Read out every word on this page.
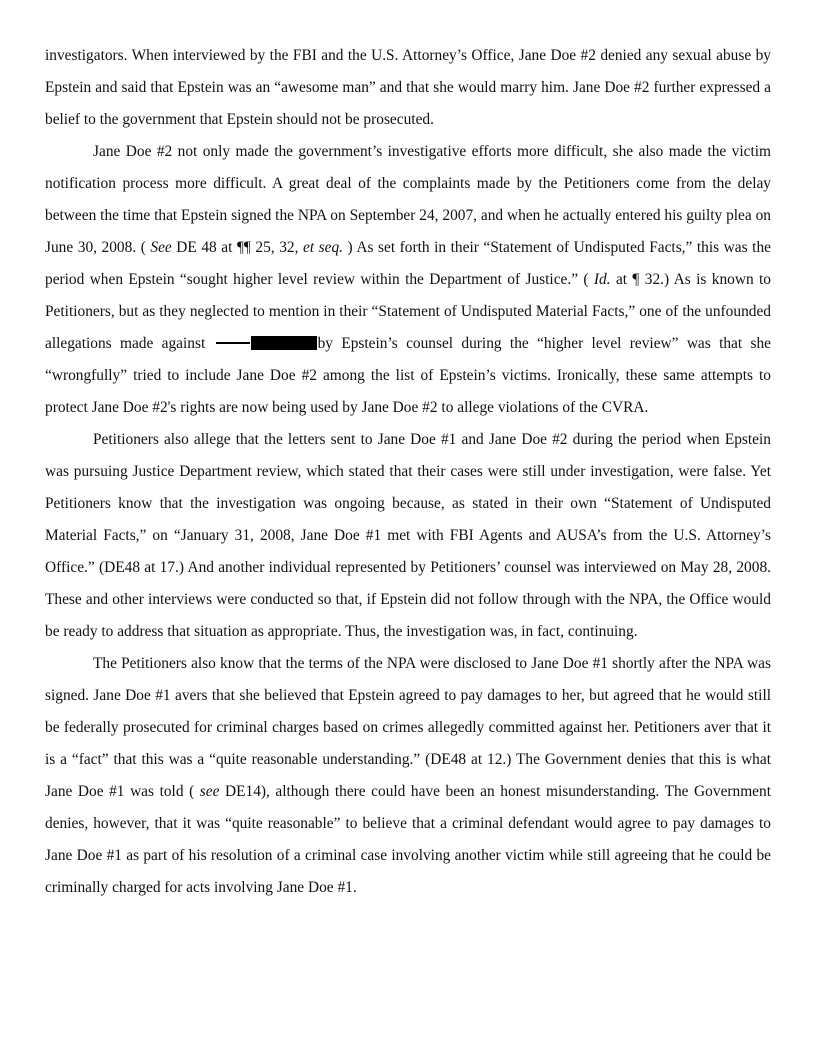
investigators. When interviewed by the FBI and the U.S. Attorney’s Office, Jane Doe #2 denied any sexual abuse by Epstein and said that Epstein was an “awesome man” and that she would marry him. Jane Doe #2 further expressed a belief to the government that Epstein should not be prosecuted.

Jane Doe #2 not only made the government’s investigative efforts more difficult, she also made the victim notification process more difficult. A great deal of the complaints made by the Petitioners come from the delay between the time that Epstein signed the NPA on September 24, 2007, and when he actually entered his guilty plea on June 30, 2008. ( See DE 48 at ¶¶ 25, 32, et seq. ) As set forth in their “Statement of Undisputed Facts,” this was the period when Epstein “sought higher level review within the Department of Justice.” ( Id. at ¶ 32.) As is known to Petitioners, but as they neglected to mention in their “Statement of Undisputed Material Facts,” one of the unfounded allegations made against	by Epstein’s counsel during the “higher level review” was that she “wrongfully” tried to include Jane Doe #2 among the list of Epstein’s victims. Ironically, these same attempts to protect Jane Doe #2's rights are now being used by Jane Doe #2 to allege violations of the CVRA.

Petitioners also allege that the letters sent to Jane Doe #1 and Jane Doe #2 during the period when Epstein was pursuing Justice Department review, which stated that their cases were still under investigation, were false. Yet Petitioners know that the investigation was ongoing because, as stated in their own “Statement of Undisputed Material Facts,” on “January 31, 2008, Jane Doe #1 met with FBI Agents and AUSA’s from the U.S. Attorney’s Office.” (DE48 at 17.) And another individual represented by Petitioners’ counsel was interviewed on May 28, 2008. These and other interviews were conducted so that, if Epstein did not follow through with the NPA, the Office would be ready to address that situation as appropriate. Thus, the investigation was, in fact, continuing.

The Petitioners also know that the terms of the NPA were disclosed to Jane Doe #1 shortly after the NPA was signed. Jane Doe #1 avers that she believed that Epstein agreed to pay damages to her, but agreed that he would still be federally prosecuted for criminal charges based on crimes allegedly committed against her. Petitioners aver that it is a “fact” that this was a “quite reasonable understanding.” (DE48 at 12.) The Government denies that this is what Jane Doe #1 was told ( see DE14), although there could have been an honest misunderstanding. The Government denies, however, that it was “quite reasonable” to believe that a criminal defendant would agree to pay damages to Jane Doe #1 as part of his resolution of a criminal case involving another victim while still agreeing that he could be criminally charged for acts involving Jane Doe #1.
